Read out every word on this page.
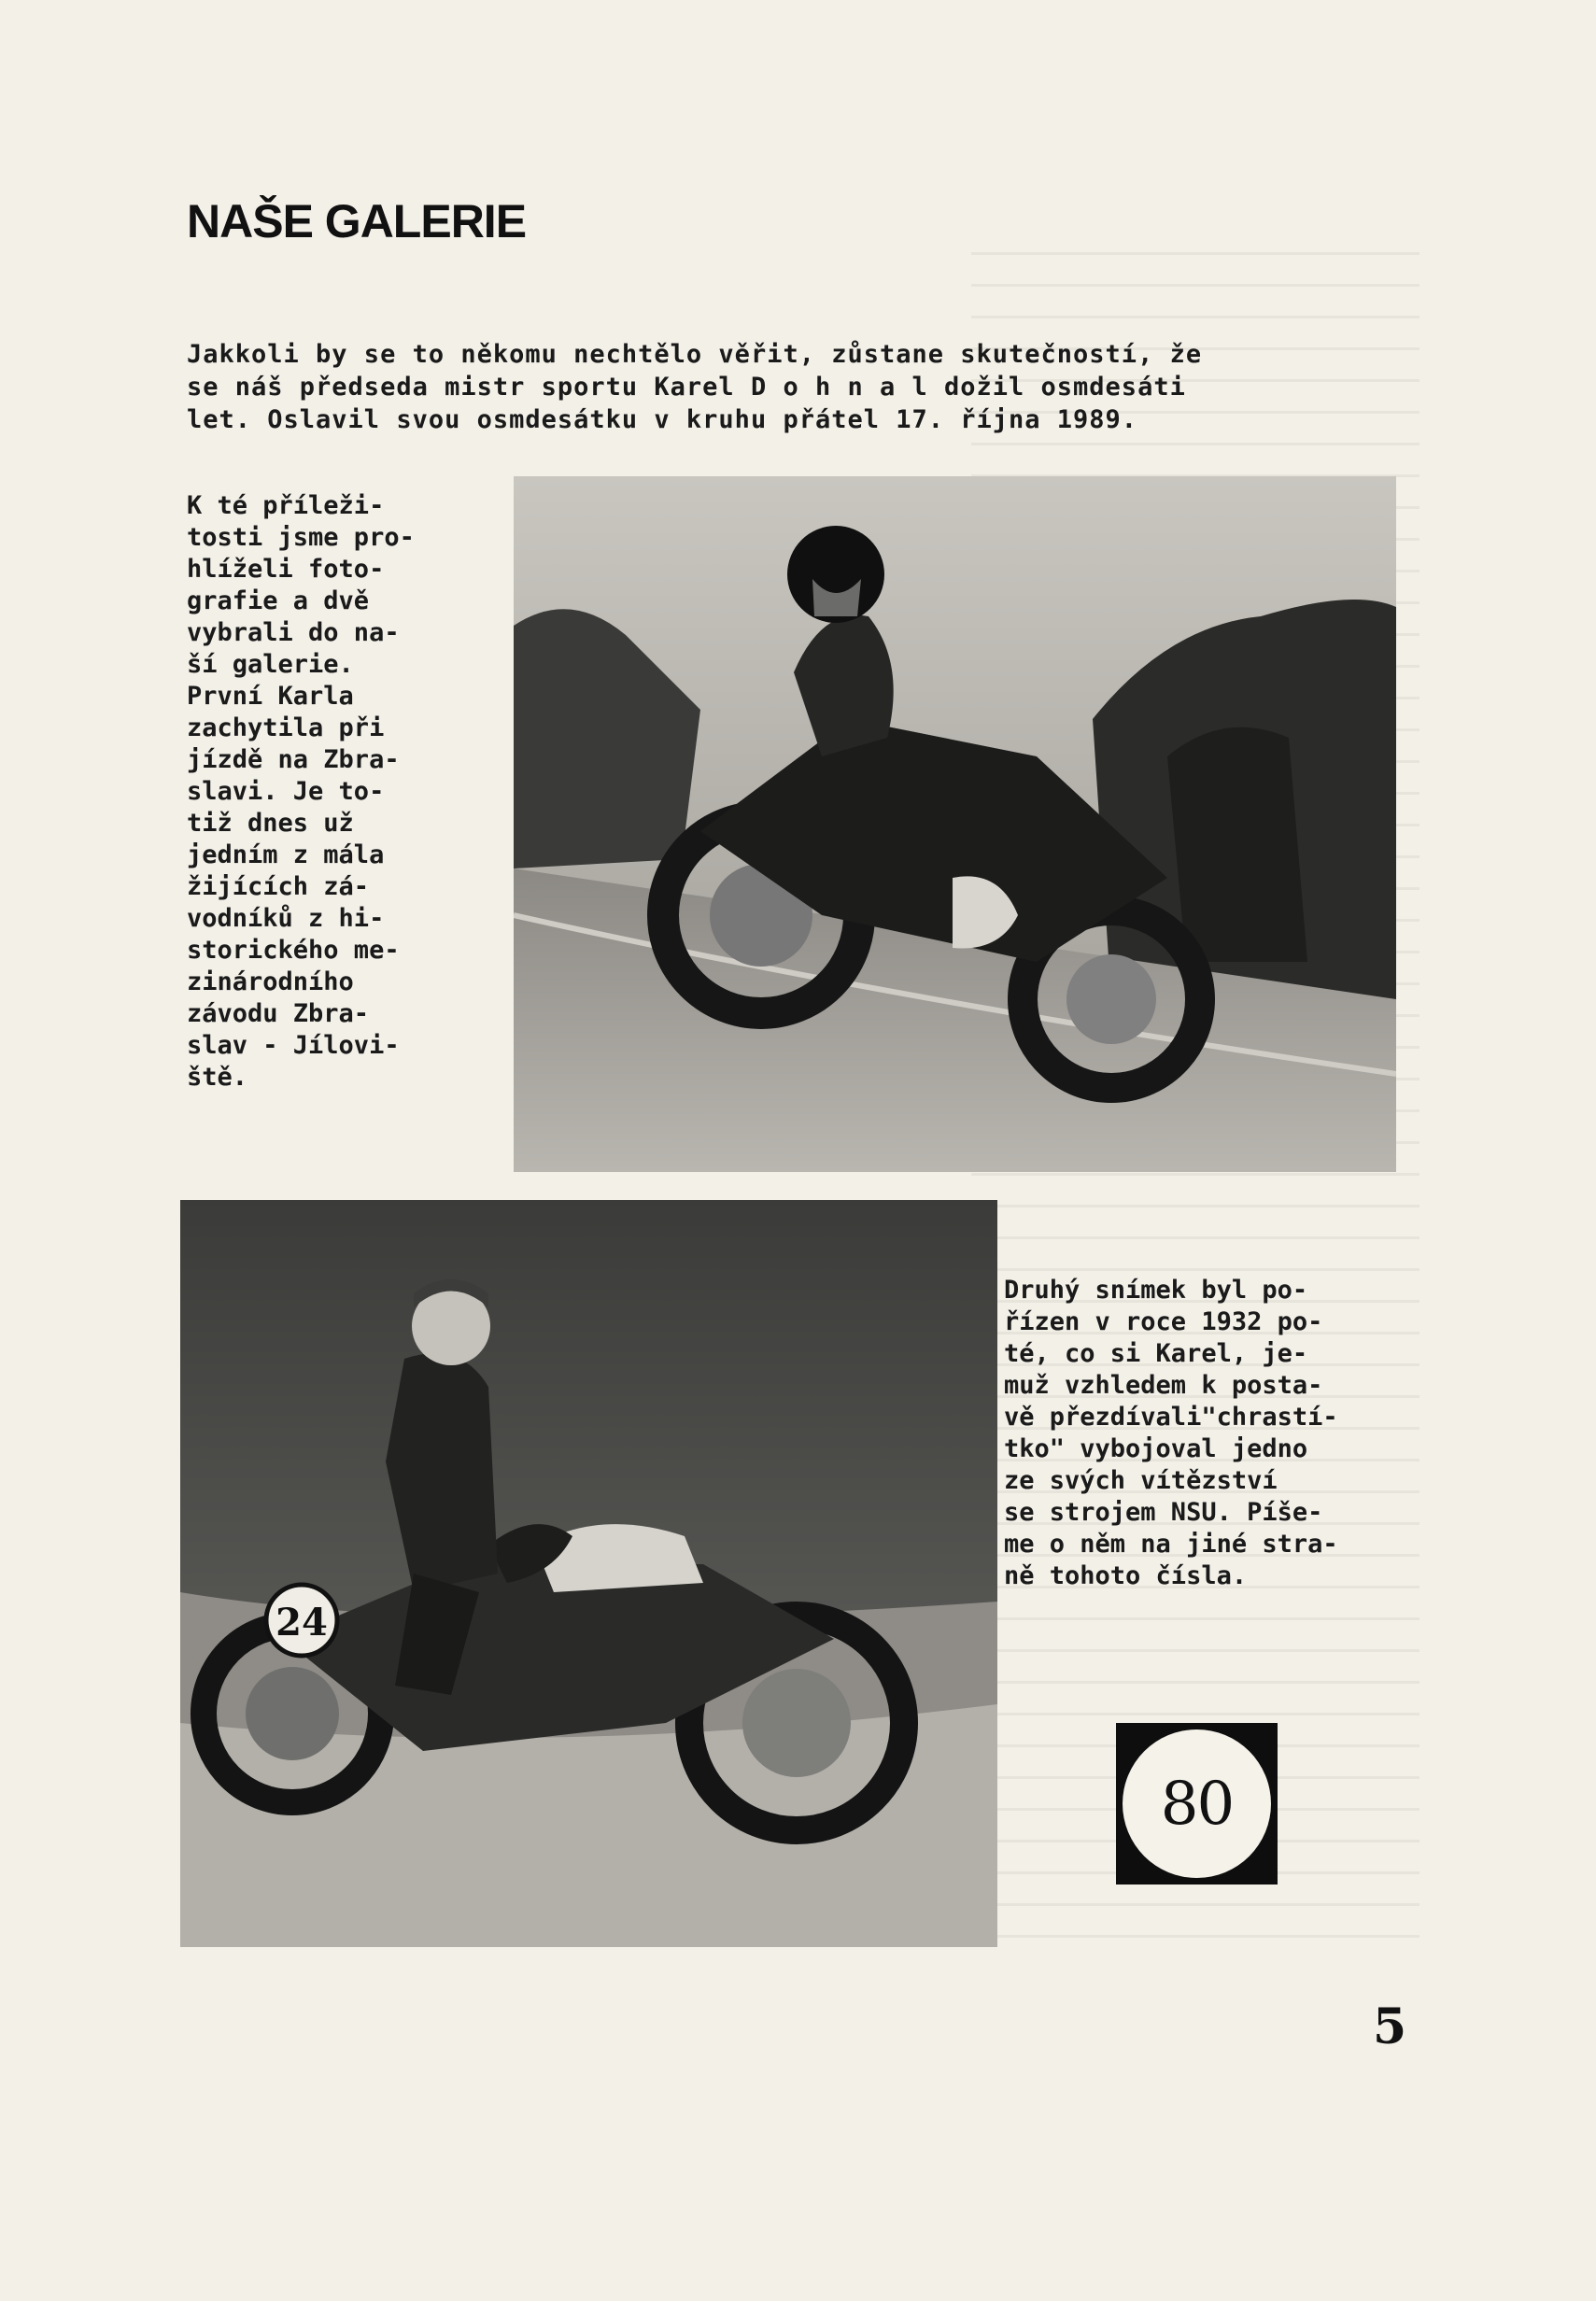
NAŠE GALERIE
Jakkoli by se to někomu nechtělo věřit, zůstane skutečností, že
se náš předseda mistr sportu Karel D o h n a l dožil osmdesáti
let. Oslavil svou osmdesátku v kruhu přátel 17. října 1989.
K té příleži-
tosti jsme pro-
hlíželi foto-
grafie a dvě
vybrali do na-
ší galerie.
První Karla
zachytila při
jízdě na Zbra-
slavi. Je to-
tiž dnes už
jedním z mála
žijících zá-
vodníků z hi-
storického me-
zinárodního
závodu Zbra-
slav - Jílovi-
ště.
24
Druhý snímek byl po-
řízen v roce 1932 po-
té, co si Karel, je-
muž vzhledem k posta-
vě přezdívali"chrastí-
tko" vybojoval jedno
ze svých vítězství
se strojem NSU. Píše-
me o něm na jiné stra-
ně tohoto čísla.
80
5
